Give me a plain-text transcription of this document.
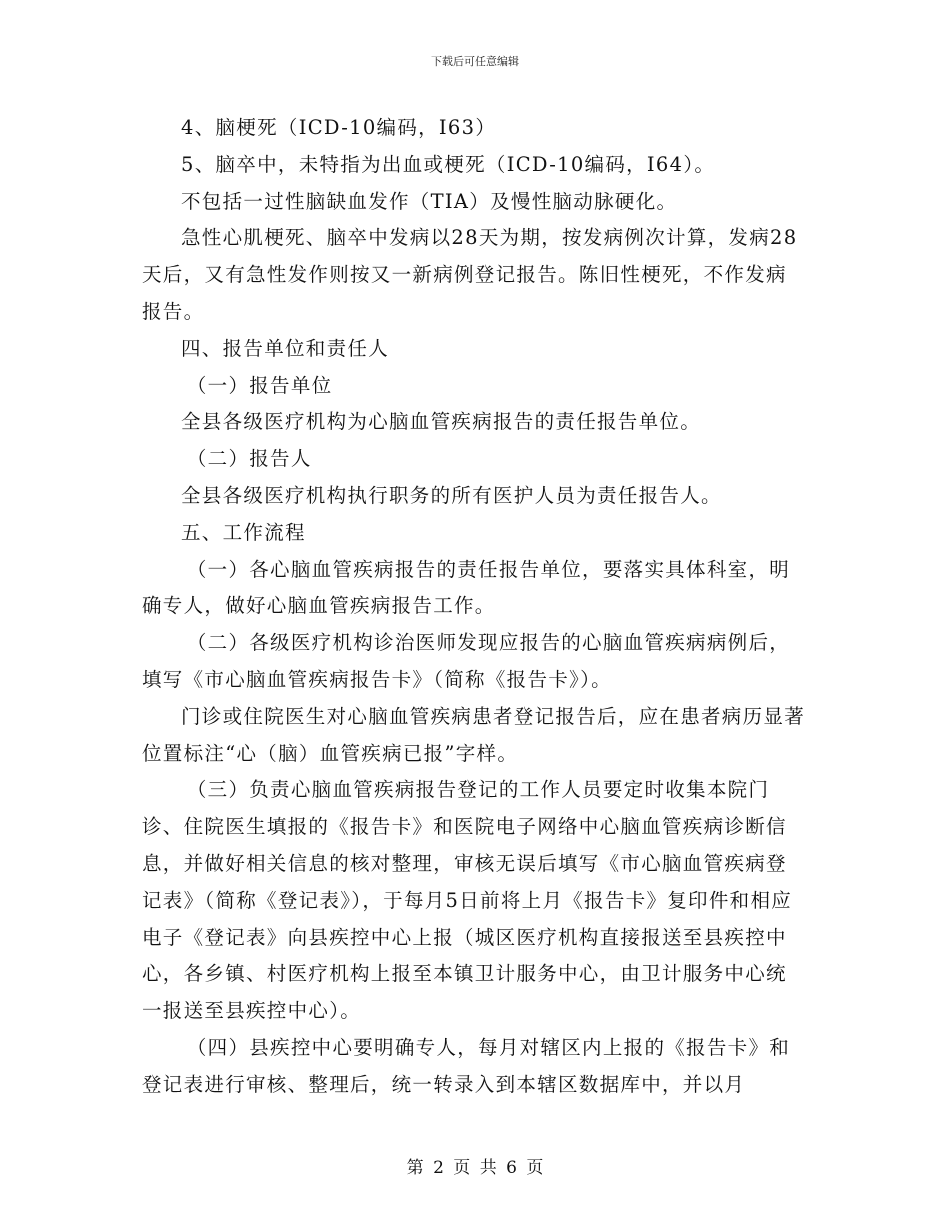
下载后可任意编辑

4、脑梗死（ICD-10编码，I63）

5、脑卒中，未特指为出血或梗死（ICD-10编码，I64）。

不包括一过性脑缺血发作（TIA）及慢性脑动脉硬化。

急性心肌梗死、脑卒中发病以28天为期，按发病例次计算，发病28天后，又有急性发作则按又一新病例登记报告。陈旧性梗死，不作发病报告。

四、报告单位和责任人

（一）报告单位

全县各级医疗机构为心脑血管疾病报告的责任报告单位。

（二）报告人

全县各级医疗机构执行职务的所有医护人员为责任报告人。

五、工作流程

（一）各心脑血管疾病报告的责任报告单位，要落实具体科室，明确专人，做好心脑血管疾病报告工作。

（二）各级医疗机构诊治医师发现应报告的心脑血管疾病病例后，填写《市心脑血管疾病报告卡》（简称《报告卡》）。

门诊或住院医生对心脑血管疾病患者登记报告后，应在患者病历显著位置标注“心（脑）血管疾病已报”字样。

（三）负责心脑血管疾病报告登记的工作人员要定时收集本院门诊、住院医生填报的《报告卡》和医院电子网络中心脑血管疾病诊断信息，并做好相关信息的核对整理，审核无误后填写《市心脑血管疾病登记表》（简称《登记表》），于每月5日前将上月《报告卡》复印件和相应电子《登记表》向县疾控中心上报（城区医疗机构直接报送至县疾控中心，各乡镇、村医疗机构上报至本镇卫计服务中心，由卫计服务中心统一报送至县疾控中心）。

（四）县疾控中心要明确专人，每月对辖区内上报的《报告卡》和登记表进行审核、整理后，统一转录入到本辖区数据库中，并以月

第 2 页 共 6 页
